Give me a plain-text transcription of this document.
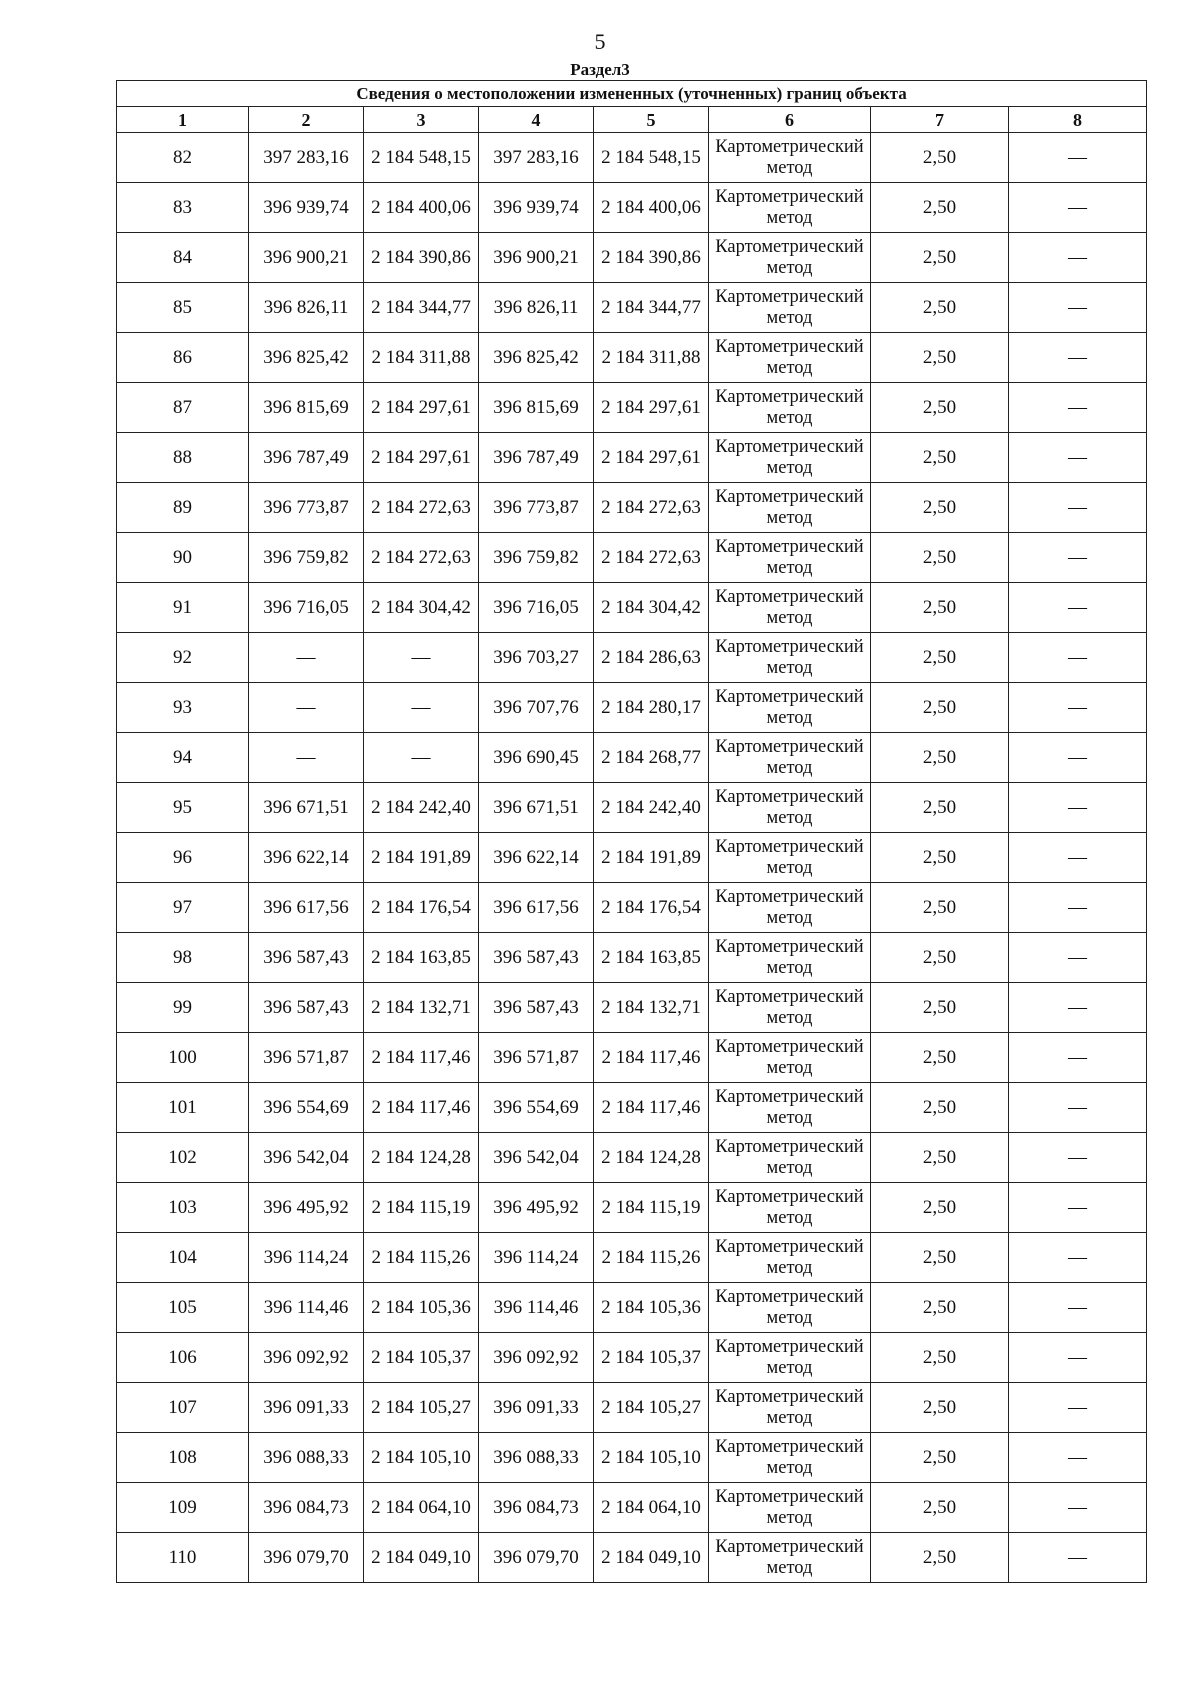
5
Раздел3
Сведения о местоположении измененных (уточненных) границ объекта							
1	2	3	4	5	6	7	8
82	397 283,16	2 184 548,15	397 283,16	2 184 548,15	Картометрический метод	2,50	—
83	396 939,74	2 184 400,06	396 939,74	2 184 400,06	Картометрический метод	2,50	—
84	396 900,21	2 184 390,86	396 900,21	2 184 390,86	Картометрический метод	2,50	—
85	396 826,11	2 184 344,77	396 826,11	2 184 344,77	Картометрический метод	2,50	—
86	396 825,42	2 184 311,88	396 825,42	2 184 311,88	Картометрический метод	2,50	—
87	396 815,69	2 184 297,61	396 815,69	2 184 297,61	Картометрический метод	2,50	—
88	396 787,49	2 184 297,61	396 787,49	2 184 297,61	Картометрический метод	2,50	—
89	396 773,87	2 184 272,63	396 773,87	2 184 272,63	Картометрический метод	2,50	—
90	396 759,82	2 184 272,63	396 759,82	2 184 272,63	Картометрический метод	2,50	—
91	396 716,05	2 184 304,42	396 716,05	2 184 304,42	Картометрический метод	2,50	—
92	—	—	396 703,27	2 184 286,63	Картометрический метод	2,50	—
93	—	—	396 707,76	2 184 280,17	Картометрический метод	2,50	—
94	—	—	396 690,45	2 184 268,77	Картометрический метод	2,50	—
95	396 671,51	2 184 242,40	396 671,51	2 184 242,40	Картометрический метод	2,50	—
96	396 622,14	2 184 191,89	396 622,14	2 184 191,89	Картометрический метод	2,50	—
97	396 617,56	2 184 176,54	396 617,56	2 184 176,54	Картометрический метод	2,50	—
98	396 587,43	2 184 163,85	396 587,43	2 184 163,85	Картометрический метод	2,50	—
99	396 587,43	2 184 132,71	396 587,43	2 184 132,71	Картометрический метод	2,50	—
100	396 571,87	2 184 117,46	396 571,87	2 184 117,46	Картометрический метод	2,50	—
101	396 554,69	2 184 117,46	396 554,69	2 184 117,46	Картометрический метод	2,50	—
102	396 542,04	2 184 124,28	396 542,04	2 184 124,28	Картометрический метод	2,50	—
103	396 495,92	2 184 115,19	396 495,92	2 184 115,19	Картометрический метод	2,50	—
104	396 114,24	2 184 115,26	396 114,24	2 184 115,26	Картометрический метод	2,50	—
105	396 114,46	2 184 105,36	396 114,46	2 184 105,36	Картометрический метод	2,50	—
106	396 092,92	2 184 105,37	396 092,92	2 184 105,37	Картометрический метод	2,50	—
107	396 091,33	2 184 105,27	396 091,33	2 184 105,27	Картометрический метод	2,50	—
108	396 088,33	2 184 105,10	396 088,33	2 184 105,10	Картометрический метод	2,50	—
109	396 084,73	2 184 064,10	396 084,73	2 184 064,10	Картометрический метод	2,50	—
110	396 079,70	2 184 049,10	396 079,70	2 184 049,10	Картометрический метод	2,50	—
